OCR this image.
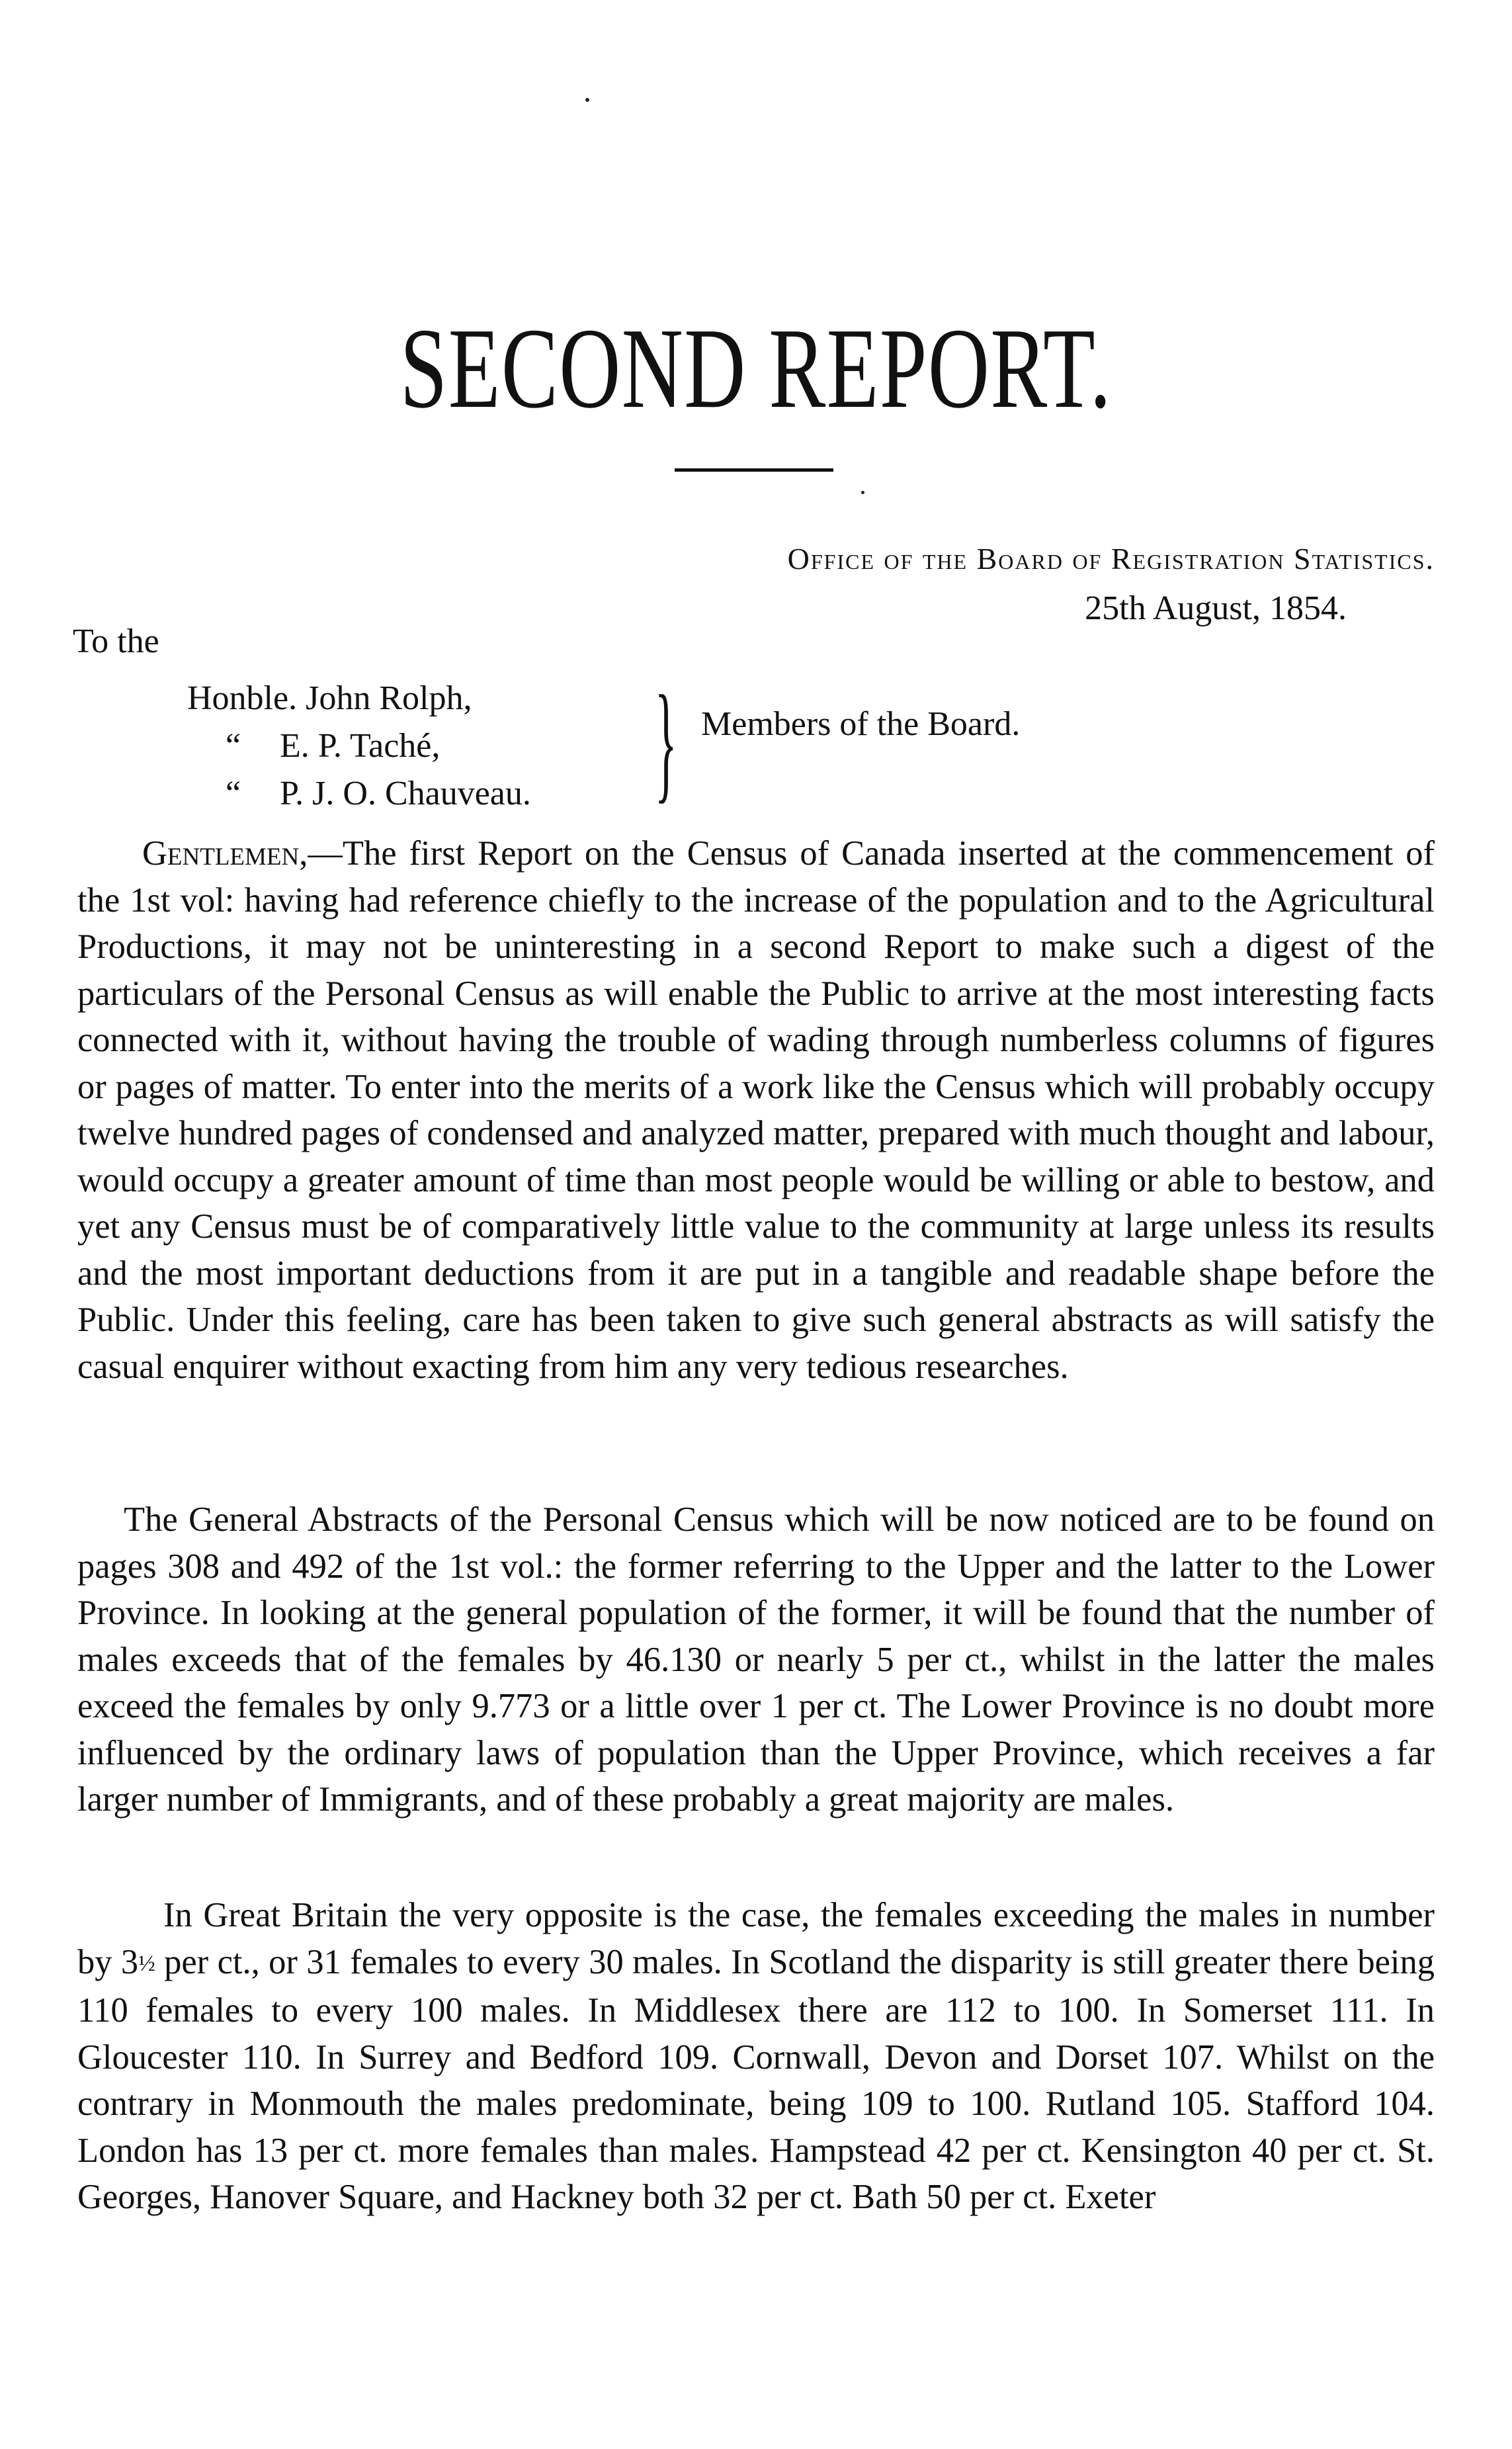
SECOND REPORT.
Office of the Board of Registration Statistics.
25th August, 1854.
To the
Honble. John Rolph,
“ E. P. Taché,
“ P. J. O. Chauveau. } Members of the Board.
Gentlemen,—The first Report on the Census of Canada inserted at the commencement of the 1st vol: having had reference chiefly to the increase of the population and to the Agricultural Productions, it may not be uninteresting in a second Report to make such a digest of the particulars of the Personal Census as will enable the Public to arrive at the most interesting facts connected with it, without having the trouble of wading through numberless columns of figures or pages of matter. To enter into the merits of a work like the Census which will probably occupy twelve hundred pages of condensed and analyzed matter, prepared with much thought and labour, would occupy a greater amount of time than most people would be willing or able to bestow, and yet any Census must be of comparatively little value to the community at large unless its results and the most important deductions from it are put in a tangible and readable shape before the Public. Under this feeling, care has been taken to give such general abstracts as will satisfy the casual enquirer without exacting from him any very tedious researches.
The General Abstracts of the Personal Census which will be now noticed are to be found on pages 308 and 492 of the 1st vol.: the former referring to the Upper and the latter to the Lower Province. In looking at the general population of the former, it will be found that the number of males exceeds that of the females by 46.130 or nearly 5 per ct., whilst in the latter the males exceed the females by only 9.773 or a little over 1 per ct. The Lower Province is no doubt more influenced by the ordinary laws of population than the Upper Province, which receives a far larger number of Immigrants, and of these probably a great majority are males.
In Great Britain the very opposite is the case, the females exceeding the males in number by 3½ per ct., or 31 females to every 30 males. In Scotland the disparity is still greater there being 110 females to every 100 males. In Middlesex there are 112 to 100. In Somerset 111. In Gloucester 110. In Surrey and Bedford 109. Cornwall, Devon and Dorset 107. Whilst on the contrary in Monmouth the males predominate, being 109 to 100. Rutland 105. Stafford 104. London has 13 per ct. more females than males. Hampstead 42 per ct. Kensington 40 per ct. St. Georges, Hanover Square, and Hackney both 32 per ct. Bath 50 per ct. Exeter
